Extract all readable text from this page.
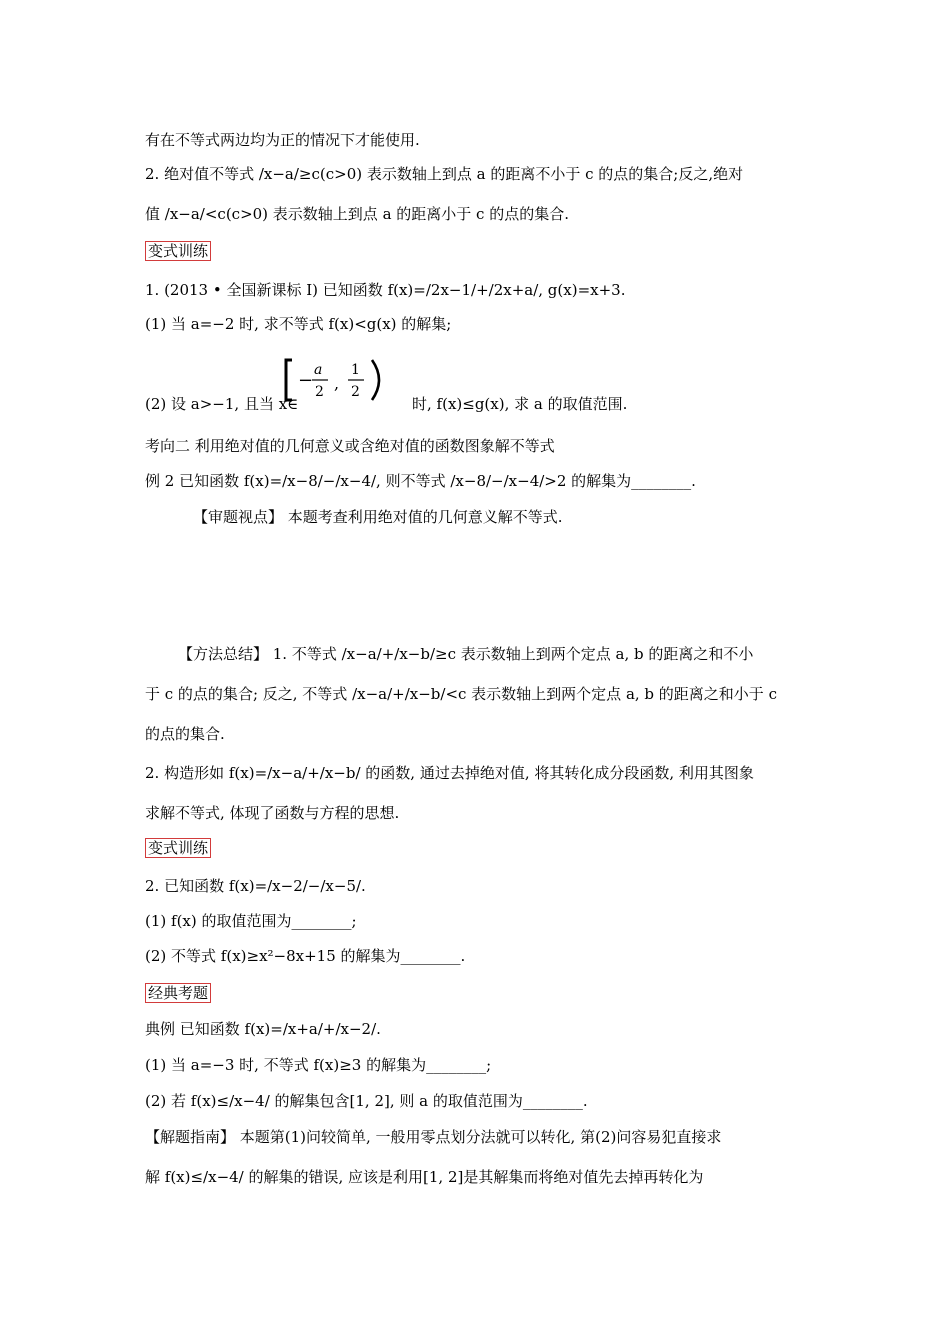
有在不等式两边均为正的情况下才能使用.
2. 绝对值不等式 /x−a/≥c(c>0) 表示数轴上到点 a 的距离不小于 c 的点的集合;反之,绝对
值 /x−a/<c(c>0) 表示数轴上到点 a 的距离小于 c 的点的集合.
变式训练
1. (2013 • 全国新课标 Ⅰ) 已知函数 f(x)=/2x−1/+/2x+a/, g(x)=x+3.
(1) 当 a=−2 时, 求不等式 f(x)<g(x) 的解集;
(2) 设 a>−1, 且当 x∈
− a
2 ,
1
2
时, f(x)≤g(x), 求 a 的取值范围.
考向二 利用绝对值的几何意义或含绝对值的函数图象解不等式
例 2 已知函数 f(x)=/x−8/−/x−4/, 则不等式 /x−8/−/x−4/>2 的解集为________.
【审题视点】 本题考查利用绝对值的几何意义解不等式.
【方法总结】 1. 不等式 /x−a/+/x−b/≥c 表示数轴上到两个定点 a, b 的距离之和不小
于 c 的点的集合; 反之, 不等式 /x−a/+/x−b/<c 表示数轴上到两个定点 a, b 的距离之和小于 c
的点的集合.
2. 构造形如 f(x)=/x−a/+/x−b/ 的函数, 通过去掉绝对值, 将其转化成分段函数, 利用其图象
求解不等式, 体现了函数与方程的思想.
变式训练
2. 已知函数 f(x)=/x−2/−/x−5/.
(1) f(x) 的取值范围为________;
(2) 不等式 f(x)≥x²−8x+15 的解集为________.
经典考题
典例 已知函数 f(x)=/x+a/+/x−2/.
(1) 当 a=−3 时, 不等式 f(x)≥3 的解集为________;
(2) 若 f(x)≤/x−4/ 的解集包含[1, 2], 则 a 的取值范围为________.
【解题指南】 本题第(1)问较简单, 一般用零点划分法就可以转化, 第(2)问容易犯直接求
解 f(x)≤/x−4/ 的解集的错误, 应该是利用[1, 2]是其解集而将绝对值先去掉再转化为
